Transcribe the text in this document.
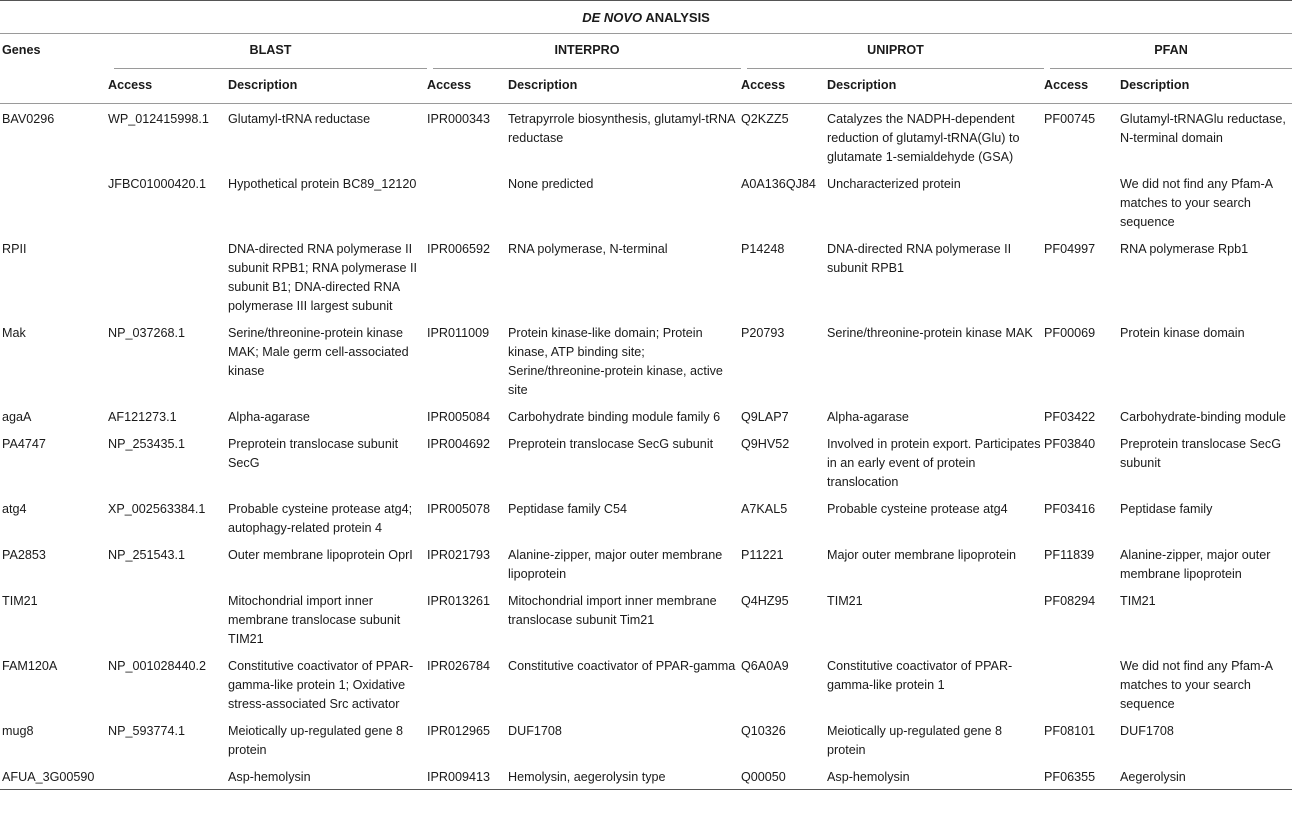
DE NOVO ANALYSIS								
Genes	BLAST		INTERPRO		UNIPROT		PFAN	

	Access	Description	Access	Description	Access	Description	Access	Description
BAV0296	WP_012415998.1	Glutamyl-tRNA reductase	IPR000343	Tetrapyrrole biosynthesis, glutamyl-tRNA reductase	Q2KZZ5	Catalyzes the NADPH-dependent reduction of glutamyl-tRNA(Glu) to glutamate 1-semialdehyde (GSA)	PF00745	Glutamyl-tRNAGlu reductase, N-terminal domain
	JFBC01000420.1	Hypothetical protein BC89_12120		None predicted	A0A136QJ84	Uncharacterized protein		We did not find any Pfam-A matches to your search sequence
RPII		DNA-directed RNA polymerase II subunit RPB1; RNA polymerase II subunit B1; DNA-directed RNA polymerase III largest subunit	IPR006592	RNA polymerase, N-terminal	P14248	DNA-directed RNA polymerase II subunit RPB1	PF04997	RNA polymerase Rpb1
Mak	NP_037268.1	Serine/threonine-protein kinase MAK; Male germ cell-associated kinase	IPR011009	Protein kinase-like domain; Protein kinase, ATP binding site; Serine/threonine-protein kinase, active site	P20793	Serine/threonine-protein kinase MAK	PF00069	Protein kinase domain
agaA	AF121273.1	Alpha-agarase	IPR005084	Carbohydrate binding module family 6	Q9LAP7	Alpha-agarase	PF03422	Carbohydrate-binding module
PA4747	NP_253435.1	Preprotein translocase subunit SecG	IPR004692	Preprotein translocase SecG subunit	Q9HV52	Involved in protein export. Participates in an early event of protein translocation	PF03840	Preprotein translocase SecG subunit
atg4	XP_002563384.1	Probable cysteine protease atg4; autophagy-related protein 4	IPR005078	Peptidase family C54	A7KAL5	Probable cysteine protease atg4	PF03416	Peptidase family
PA2853	NP_251543.1	Outer membrane lipoprotein OprI	IPR021793	Alanine-zipper, major outer membrane lipoprotein	P11221	Major outer membrane lipoprotein	PF11839	Alanine-zipper, major outer membrane lipoprotein
TIM21		Mitochondrial import inner membrane translocase subunit TIM21	IPR013261	Mitochondrial import inner membrane translocase subunit Tim21	Q4HZ95	TIM21	PF08294	TIM21
FAM120A	NP_001028440.2	Constitutive coactivator of PPAR-gamma-like protein 1; Oxidative stress-associated Src activator	IPR026784	Constitutive coactivator of PPAR-gamma	Q6A0A9	Constitutive coactivator of PPAR-gamma-like protein 1		We did not find any Pfam-A matches to your search sequence
mug8	NP_593774.1	Meiotically up-regulated gene 8 protein	IPR012965	DUF1708	Q10326	Meiotically up-regulated gene 8 protein	PF08101	DUF1708
AFUA_3G00590		Asp-hemolysin	IPR009413	Hemolysin, aegerolysin type	Q00050	Asp-hemolysin	PF06355	Aegerolysin
